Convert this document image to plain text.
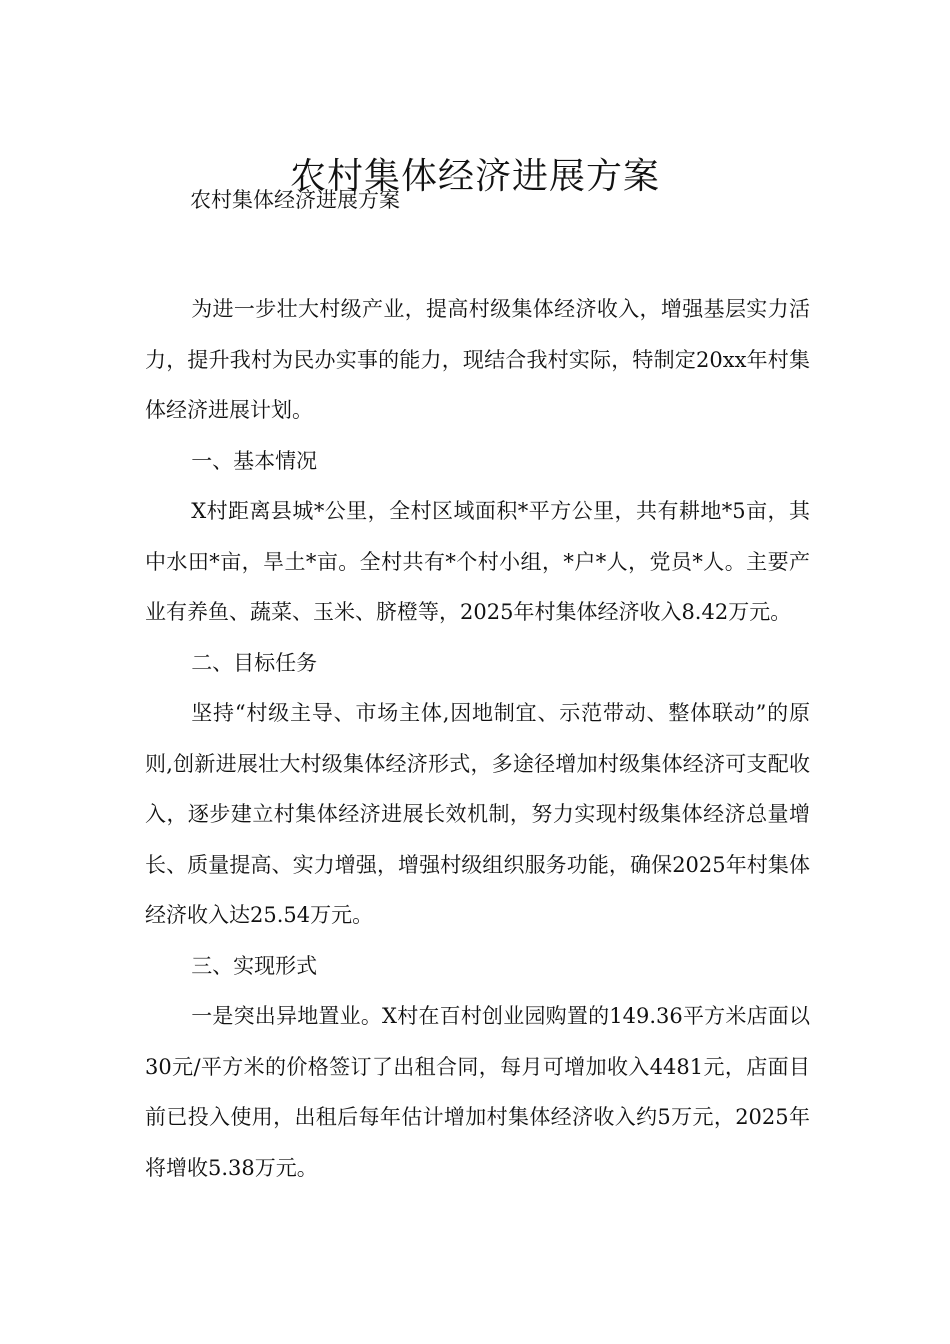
农村集体经济进展方案
农村集体经济进展方案

为进一步壮大村级产业，提高村级集体经济收入，增强基层实力活力，提升我村为民办实事的能力，现结合我村实际，特制定20xx年村集体经济进展计划。

一、基本情况

X村距离县城*公里，全村区域面积*平方公里，共有耕地*5亩，其中水田*亩，旱土*亩。全村共有*个村小组，*户*人，党员*人。主要产业有养鱼、蔬菜、玉米、脐橙等，2025年村集体经济收入8.42万元。

二、目标任务

坚持“村级主导、市场主体,因地制宜、示范带动、整体联动”的原则,创新进展壮大村级集体经济形式，多途径增加村级集体经济可支配收入，逐步建立村集体经济进展长效机制，努力实现村级集体经济总量增长、质量提高、实力增强，增强村级组织服务功能，确保2025年村集体经济收入达25.54万元。

三、实现形式

一是突出异地置业。X村在百村创业园购置的149.36平方米店面以30元/平方米的价格签订了出租合同，每月可增加收入4481元，店面目前已投入使用，出租后每年估计增加村集体经济收入约5万元，2025年将增收5.38万元。
